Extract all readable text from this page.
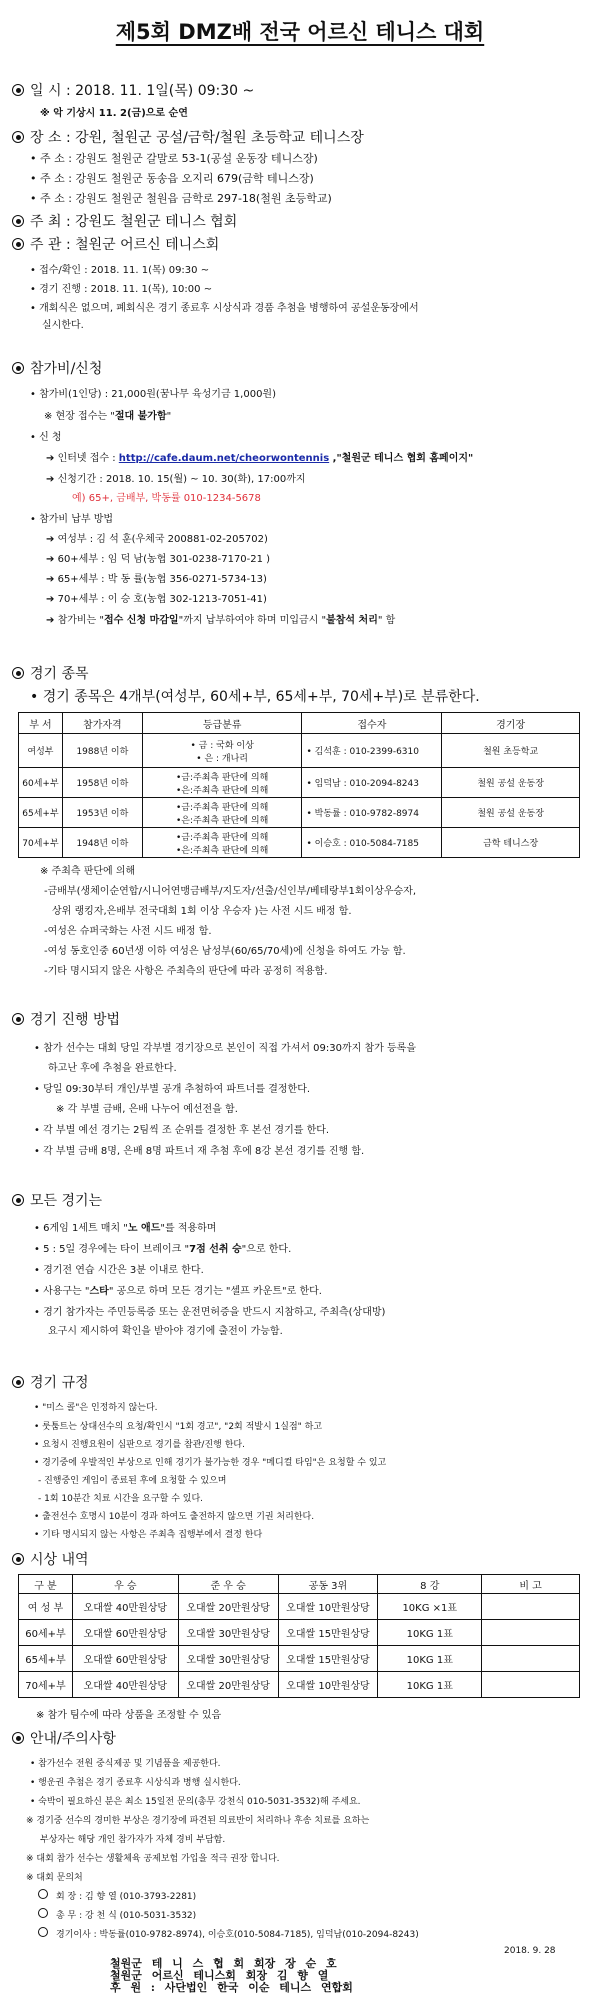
제5회 DMZ배 전국 어르신 테니스 대회
일 시 : 2018. 11. 1일(목) 09:30 ~
※ 악 기상시 11. 2(금)으로 순연
장 소 : 강원, 철원군 공설/금학/철원 초등학교 테니스장
• 주 소 : 강원도 철원군 갈말로 53-1(공설 운동장 테니스장)
• 주 소 : 강원도 철원군 동송읍 오지리 679(금학 테니스장)
• 주 소 : 강원도 철원군 철원읍 금학로 297-18(철원 초등학교)
주 최 : 강원도 철원군 테니스 협회
주 관 : 철원군 어르신 테니스회
• 접수/확인 : 2018. 11. 1(목) 09:30 ~
• 경기 진행 : 2018. 11. 1(목), 10:00 ~
• 개회식은 없으며, 폐회식은 경기 종료후 시상식과 경품 추첨을 병행하여 공설운동장에서
실시한다.
참가비/신청
• 참가비(1인당) : 21,000원(꿈나무 육성기금 1,000원)
※ 현장 접수는 "절대 불가함"
• 신 청
➔ 인터넷 접수 : http://cafe.daum.net/cheorwontennis ,"철원군 테니스 협회 홈페이지"
➔ 신청기간 : 2018. 10. 15(월) ~ 10. 30(화), 17:00까지
예) 65+, 금배부, 박동률 010-1234-5678
• 참가비 납부 방법
➔ 여성부 : 김 석 훈(우체국 200881-02-205702)
➔ 60+세부 : 임 덕 남(농협 301-0238-7170-21 )
➔ 65+세부 : 박 동 률(농협 356-0271-5734-13)
➔ 70+세부 : 이 승 호(농협 302-1213-7051-41)
➔ 참가비는 "접수 신청 마감일"까지 납부하여야 하며 미입금시 "불참석 처리" 함
경기 종목
• 경기 종목은 4개부(여성부, 60세+부, 65세+부, 70세+부)로 분류한다.
부 서	참가자격	등급분류	접수자	경기장
여성부	1988년 이하	• 금 : 국화 이상
• 은 : 개나리	• 김석훈 : 010-2399-6310	철원 초등학교
60세+부	1958년 이하	•금:주최측 판단에 의해
•은:주최측 판단에 의해	• 임덕남 : 010-2094-8243	철원 공설 운동장
65세+부	1953년 이하	•금:주최측 판단에 의해
•은:주최측 판단에 의해	• 박동률 : 010-9782-8974	철원 공설 운동장
70세+부	1948년 이하	•금:주최측 판단에 의해
•은:주최측 판단에 의해	• 이승호 : 010-5084-7185	금학 테니스장
※ 주최측 판단에 의해
-금배부(생체이순연합/시니어연맹금배부/지도자/선출/신인부/베테랑부1회이상우승자,
상위 랭킹자,은배부 전국대회 1회 이상 우승자 )는 사전 시드 배정 함.
-여성은 슈퍼국화는 사전 시드 배정 함.
-여성 동호인중 60년생 이하 여성은 남성부(60/65/70세)에 신청을 하여도 가능 함.
-기타 명시되지 않은 사항은 주최측의 판단에 따라 공정히 적용함.
경기 진행 방법
• 참가 선수는 대회 당일 각부별 경기장으로 본인이 직접 가셔서 09:30까지 참가 등록을
하고난 후에 추첨을 완료한다.
• 당일 09:30부터 개인/부별 공개 추첨하여 파트너를 결정한다.
※ 각 부별 금배, 은배 나누어 예선전을 함.
• 각 부별 예선 경기는 2팀씩 조 순위를 결정한 후 본선 경기를 한다.
• 각 부별 금배 8명, 은배 8명 파트너 재 추첨 후에 8강 본선 경기를 진행 함.
모든 경기는
• 6게임 1세트 매치 "노 애드"를 적용하며
• 5 : 5일 경우에는 타이 브레이크 "7점 선취 승"으로 한다.
• 경기전 연습 시간은 3분 이내로 한다.
• 사용구는 "스타" 공으로 하며 모든 경기는 "셀프 카운트"로 한다.
• 경기 참가자는 주민등록증 또는 운전면허증을 반드시 지참하고, 주최측(상대방)
요구시 제시하여 확인을 받아야 경기에 출전이 가능함.
경기 규정
• "미스 콜"은 인정하지 않는다.
• 룻툼트는 상대선수의 요청/확인시 "1회 경고", "2회 적발시 1실점" 하고
• 요청시 진행요원이 심판으로 경기를 참관/진행 한다.
• 경기중에 우발적인 부상으로 인해 경기가 불가능한 경우 "메디컬 타임"은 요청할 수 있고
- 진행중인 게임이 종료된 후에 요청할 수 있으며
- 1회 10분간 치료 시간을 요구할 수 있다.
• 출전선수 호명시 10분이 경과 하여도 출전하지 않으면 기권 처리한다.
• 기타 명시되지 않는 사항은 주최측 집행부에서 결정 한다
시상 내역
구 분	우 승	준 우 승	공동 3위	8 강	비 고
여 성 부	오대쌀 40만원상당	오대쌀 20만원상당	오대쌀 10만원상당	10KG ×1표	
60세+부	오대쌀 60만원상당	오대쌀 30만원상당	오대쌀 15만원상당	10KG 1표	
65세+부	오대쌀 60만원상당	오대쌀 30만원상당	오대쌀 15만원상당	10KG 1표	
70세+부	오대쌀 40만원상당	오대쌀 20만원상당	오대쌀 10만원상당	10KG 1표	
※ 참가 팀수에 따라 상품을 조정할 수 있음
안내/주의사항
• 참가선수 전원 중식제공 및 기념품을 제공한다.
• 행운권 추첨은 경기 종료후 시상식과 병행 실시한다.
• 숙박이 필요하신 분은 최소 15일전 문의(총무 강천식 010-5031-3532)해 주세요.
※ 경기중 선수의 경미한 부상은 경기장에 파견된 의료반이 처리하나 후송 치료를 요하는
부상자는 해당 개인 참가자가 자체 경비 부담함.
※ 대회 참가 선수는 생활체육 공제보험 가입을 적극 권장 합니다.
※ 대회 문의처
회 장 : 김 향 열 (010-3793-2281)
총 무 : 강 천 식 (010-5031-3532)
경기이사 : 박동률(010-9782-8974), 이승호(010-5084-7185), 임덕남(010-2094-8243)
2018. 9. 28
철원군 테 니 스 협 회 회장 장 순 호
철원군 어르신 테니스회 회장 김 향 열
후 원 : 사단법인 한국 이순 테니스 연합회
